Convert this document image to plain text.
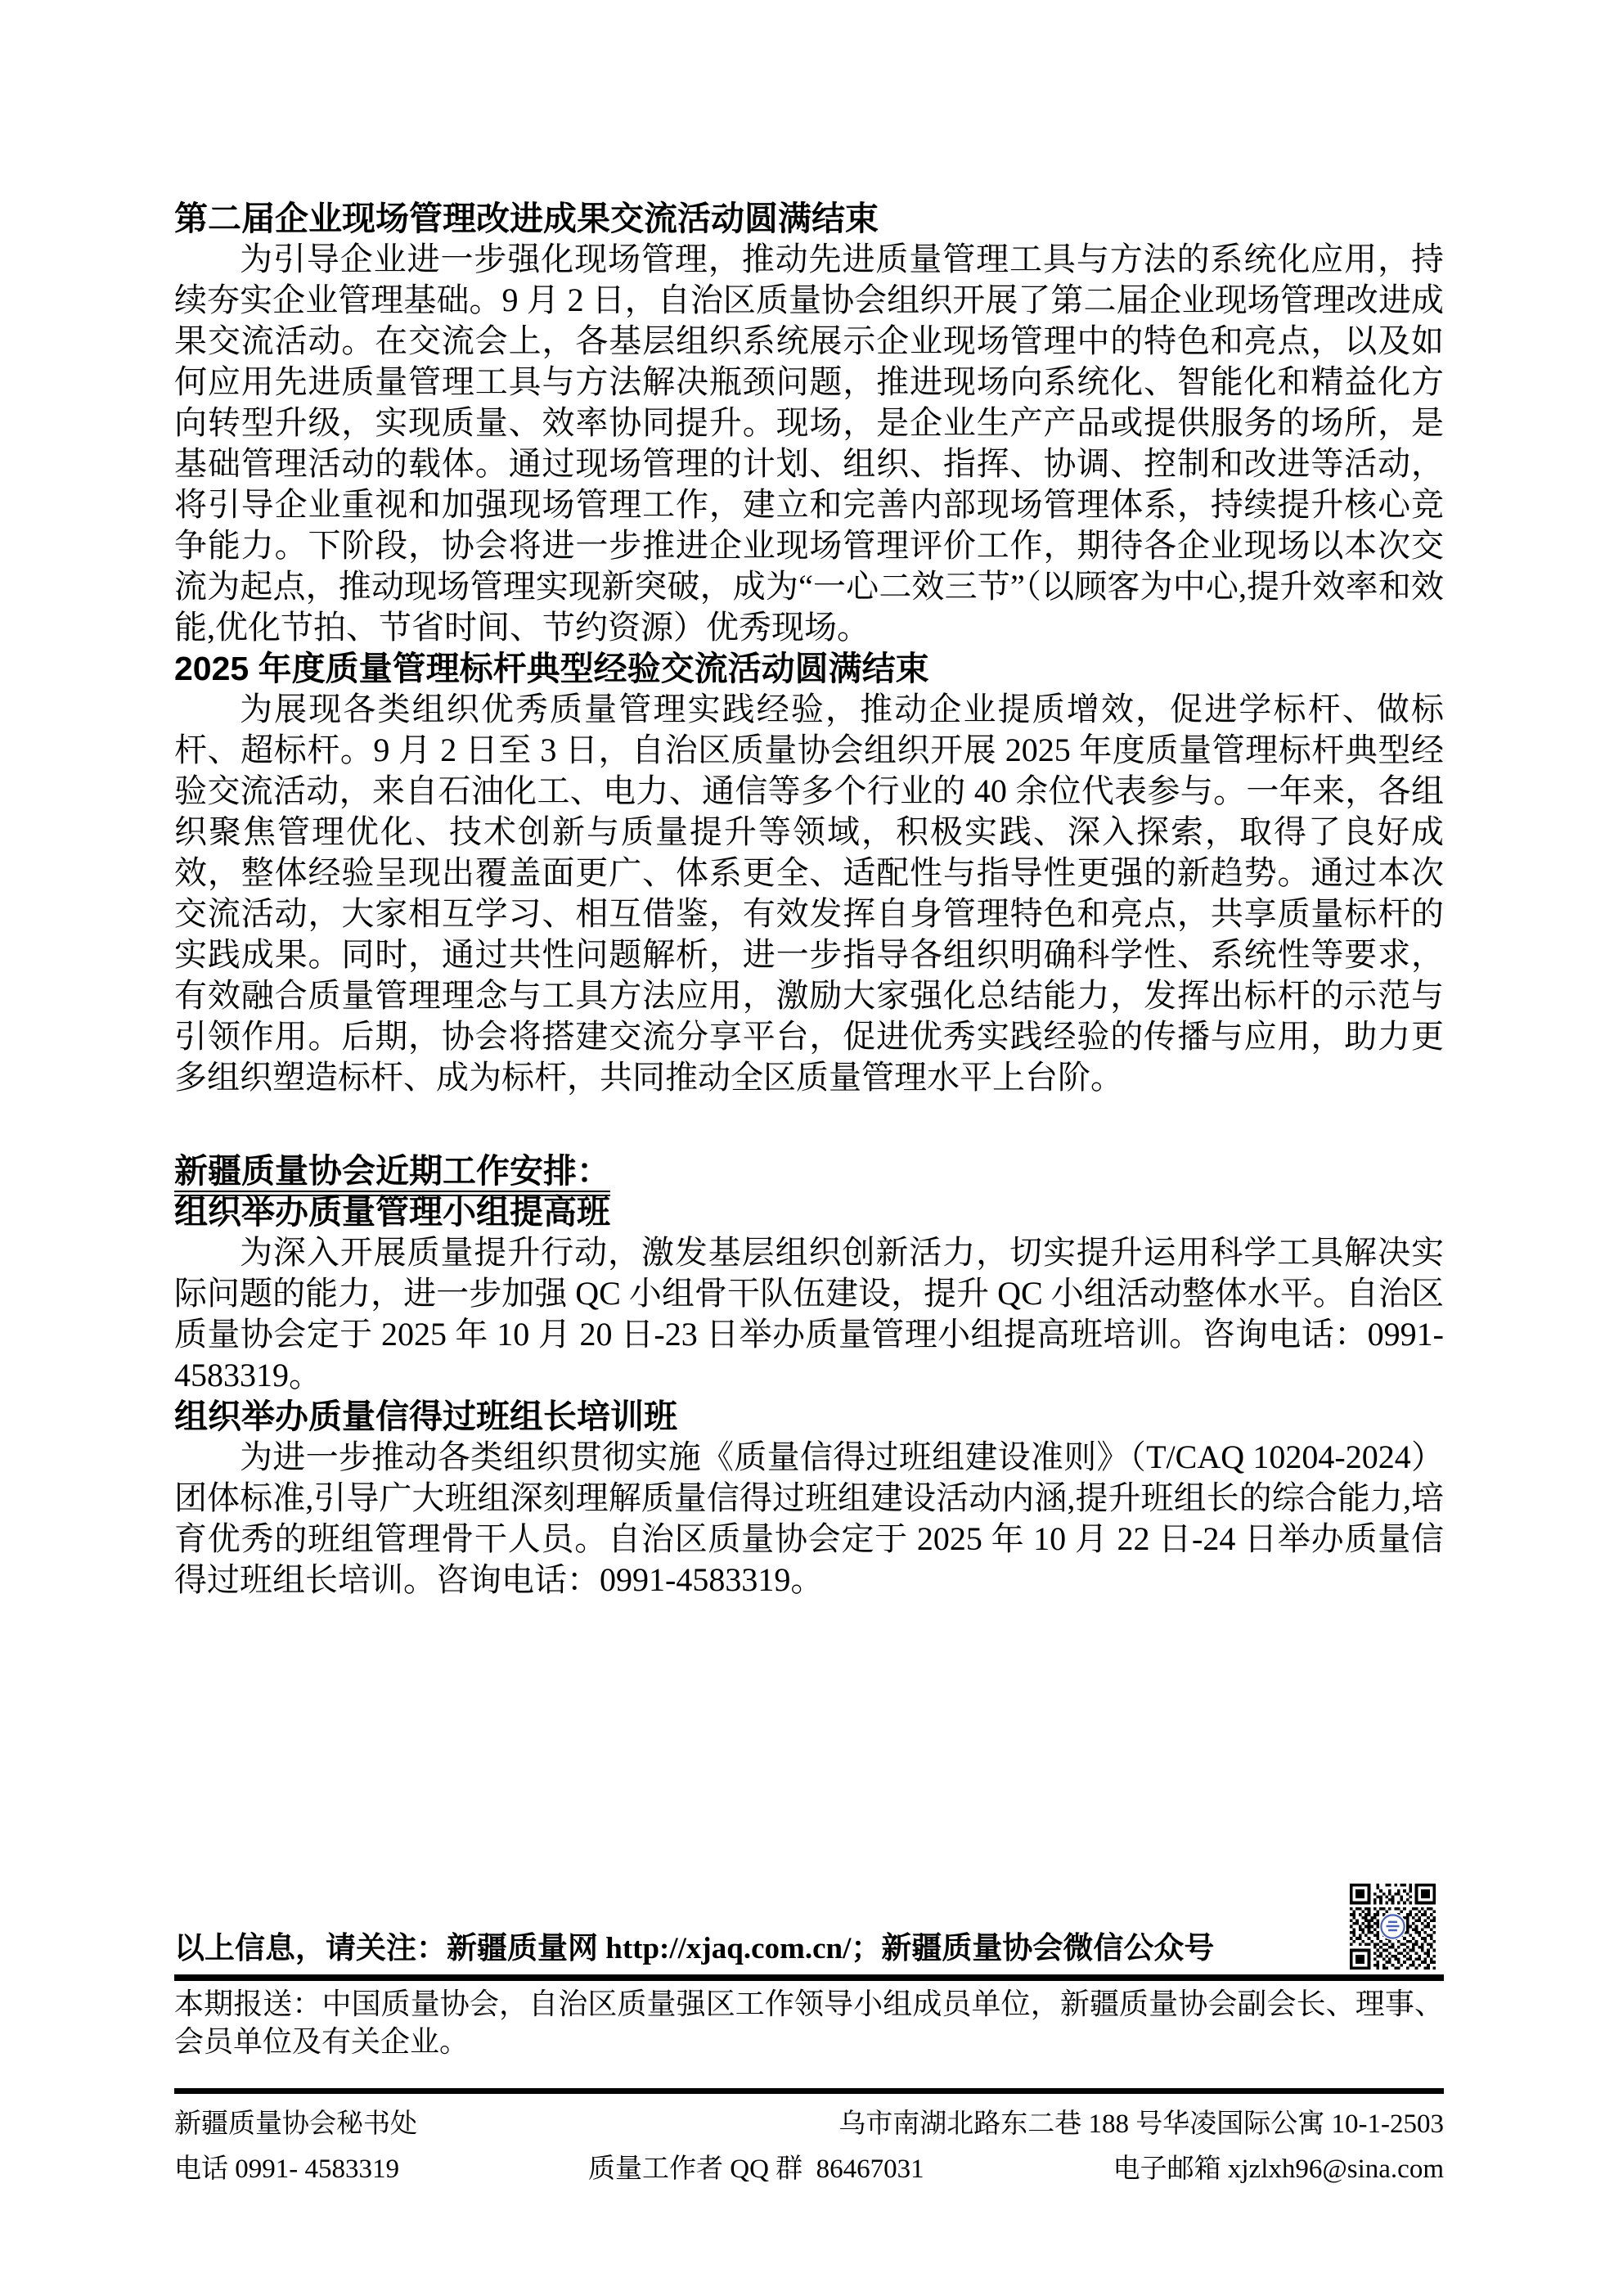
第二届企业现场管理改进成果交流活动圆满结束

为引导企业进一步强化现场管理，推动先进质量管理工具与方法的系统化应用，持续夯实企业管理基础。9 月 2 日，自治区质量协会组织开展了第二届企业现场管理改进成果交流活动。在交流会上，各基层组织系统展示企业现场管理中的特色和亮点，以及如何应用先进质量管理工具与方法解决瓶颈问题，推进现场向系统化、智能化和精益化方向转型升级，实现质量、效率协同提升。现场，是企业生产产品或提供服务的场所，是基础管理活动的载体。通过现场管理的计划、组织、指挥、协调、控制和改进等活动，将引导企业重视和加强现场管理工作，建立和完善内部现场管理体系，持续提升核心竞争能力。下阶段，协会将进一步推进企业现场管理评价工作，期待各企业现场以本次交流为起点，推动现场管理实现新突破，成为“一心二效三节”（以顾客为中心,提升效率和效能,优化节拍、节省时间、节约资源）优秀现场。

2025 年度质量管理标杆典型经验交流活动圆满结束

为展现各类组织优秀质量管理实践经验，推动企业提质增效，促进学标杆、做标杆、超标杆。9 月 2 日至 3 日，自治区质量协会组织开展 2025 年度质量管理标杆典型经验交流活动，来自石油化工、电力、通信等多个行业的 40 余位代表参与。一年来，各组织聚焦管理优化、技术创新与质量提升等领域，积极实践、深入探索，取得了良好成效，整体经验呈现出覆盖面更广、体系更全、适配性与指导性更强的新趋势。通过本次交流活动，大家相互学习、相互借鉴，有效发挥自身管理特色和亮点，共享质量标杆的实践成果。同时，通过共性问题解析，进一步指导各组织明确科学性、系统性等要求，有效融合质量管理理念与工具方法应用，激励大家强化总结能力，发挥出标杆的示范与引领作用。后期，协会将搭建交流分享平台，促进优秀实践经验的传播与应用，助力更多组织塑造标杆、成为标杆，共同推动全区质量管理水平上台阶。

新疆质量协会近期工作安排：
组织举办质量管理小组提高班

为深入开展质量提升行动，激发基层组织创新活力，切实提升运用科学工具解决实际问题的能力，进一步加强 QC 小组骨干队伍建设，提升 QC 小组活动整体水平。自治区质量协会定于 2025 年 10 月 20 日-23 日举办质量管理小组提高班培训。咨询电话：0991-4583319。

组织举办质量信得过班组长培训班

为进一步推动各类组织贯彻实施《质量信得过班组建设准则》（T/CAQ 10204-2024）团体标准,引导广大班组深刻理解质量信得过班组建设活动内涵,提升班组长的综合能力,培育优秀的班组管理骨干人员。自治区质量协会定于 2025 年 10 月 22 日-24 日举办质量信得过班组长培训。咨询电话：0991-4583319。

以上信息，请关注：新疆质量网 http://xjaq.com.cn/；新疆质量协会微信公众号

本期报送：中国质量协会，自治区质量强区工作领导小组成员单位，新疆质量协会副会长、理事、会员单位及有关企业。

新疆质量协会秘书处	乌市南湖北路东二巷 188 号华凌国际公寓 10-1-2503
电话 0991- 4583319	质量工作者 QQ 群  86467031	电子邮箱 xjzlxh96@sina.com
